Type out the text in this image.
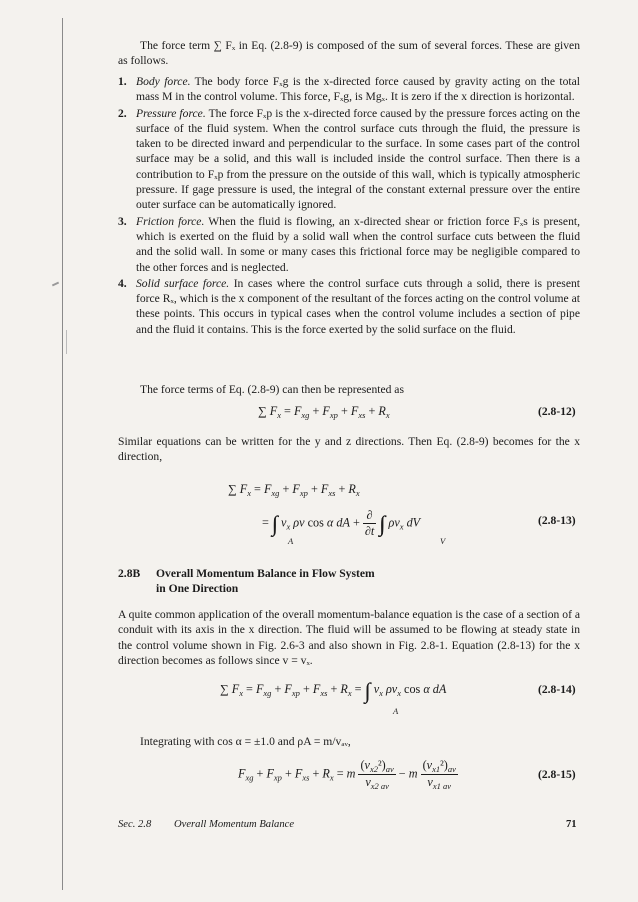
The force term ∑ Fₓ in Eq. (2.8-9) is composed of the sum of several forces. These are given as follows.

1. Body force. The body force Fₓg is the x-directed force caused by gravity acting on the total mass M in the control volume. This force, Fₓg, is Mgₓ. It is zero if the x direction is horizontal.
2. Pressure force. The force Fₓp is the x-directed force caused by the pressure forces acting on the surface of the fluid system. When the control surface cuts through the fluid, the pressure is taken to be directed inward and perpendicular to the surface. In some cases part of the control surface may be a solid, and this wall is included inside the control surface. Then there is a contribution to Fₓp from the pressure on the outside of this wall, which is typically atmospheric pressure. If gage pressure is used, the integral of the constant external pressure over the entire outer surface can be automatically ignored.
3. Friction force. When the fluid is flowing, an x-directed shear or friction force Fₓs is present, which is exerted on the fluid by a solid wall when the control surface cuts between the fluid and the solid wall. In some or many cases this frictional force may be negligible compared to the other forces and is neglected.
4. Solid surface force. In cases where the control surface cuts through a solid, there is present force Rₓ, which is the x component of the resultant of the forces acting on the control volume at these points. This occurs in typical cases when the control volume includes a section of pipe and the fluid it contains. This is the force exerted by the solid surface on the fluid.

The force terms of Eq. (2.8-9) can then be represented as

∑ $F_x = F_{xg} + F_{xp} + F_{xs} + R_x$	(2.8-12)

Similar equations can be written for the y and z directions. Then Eq. (2.8-9) becomes for the x direction,

∑ $F_x = F_{xg} + F_{xp} + F_{xs} + R_x$
= ∫∫ $v_x$ ρv cos α dA + $\frac{\partial}{\partial t}$ ∫∫∫ $\rho v_x$ dV
A	V
(2.8-13)
2.8B Overall Momentum Balance in Flow System
in One Direction

A quite common application of the overall momentum-balance equation is the case of a section of a conduit with its axis in the x direction. The fluid will be assumed to be flowing at steady state in the control volume shown in Fig. 2.6-3 and also shown in Fig. 2.8-1. Equation (2.8-13) for the x direction becomes as follows since v = vₓ.

∑ $F_x = F_{xg} + F_{xp} + F_{xs} + R_x$ = ∫∫ $v_x$ $\rho v_x$ cos α dA
A
(2.8-14)

Integrating with cos α = ±1.0 and ρA = m/vₐᵥ,

$F_{xg} + F_{xp} + F_{xs} + R_x = m \frac{(v_{x2}^2)_{av}}{v_{x2 av}} - m \frac{(v_{x1}^2)_{av}}{v_{x1 av}}$	(2.8-15)
Sec. 2.8 Overall Momentum Balance	71
